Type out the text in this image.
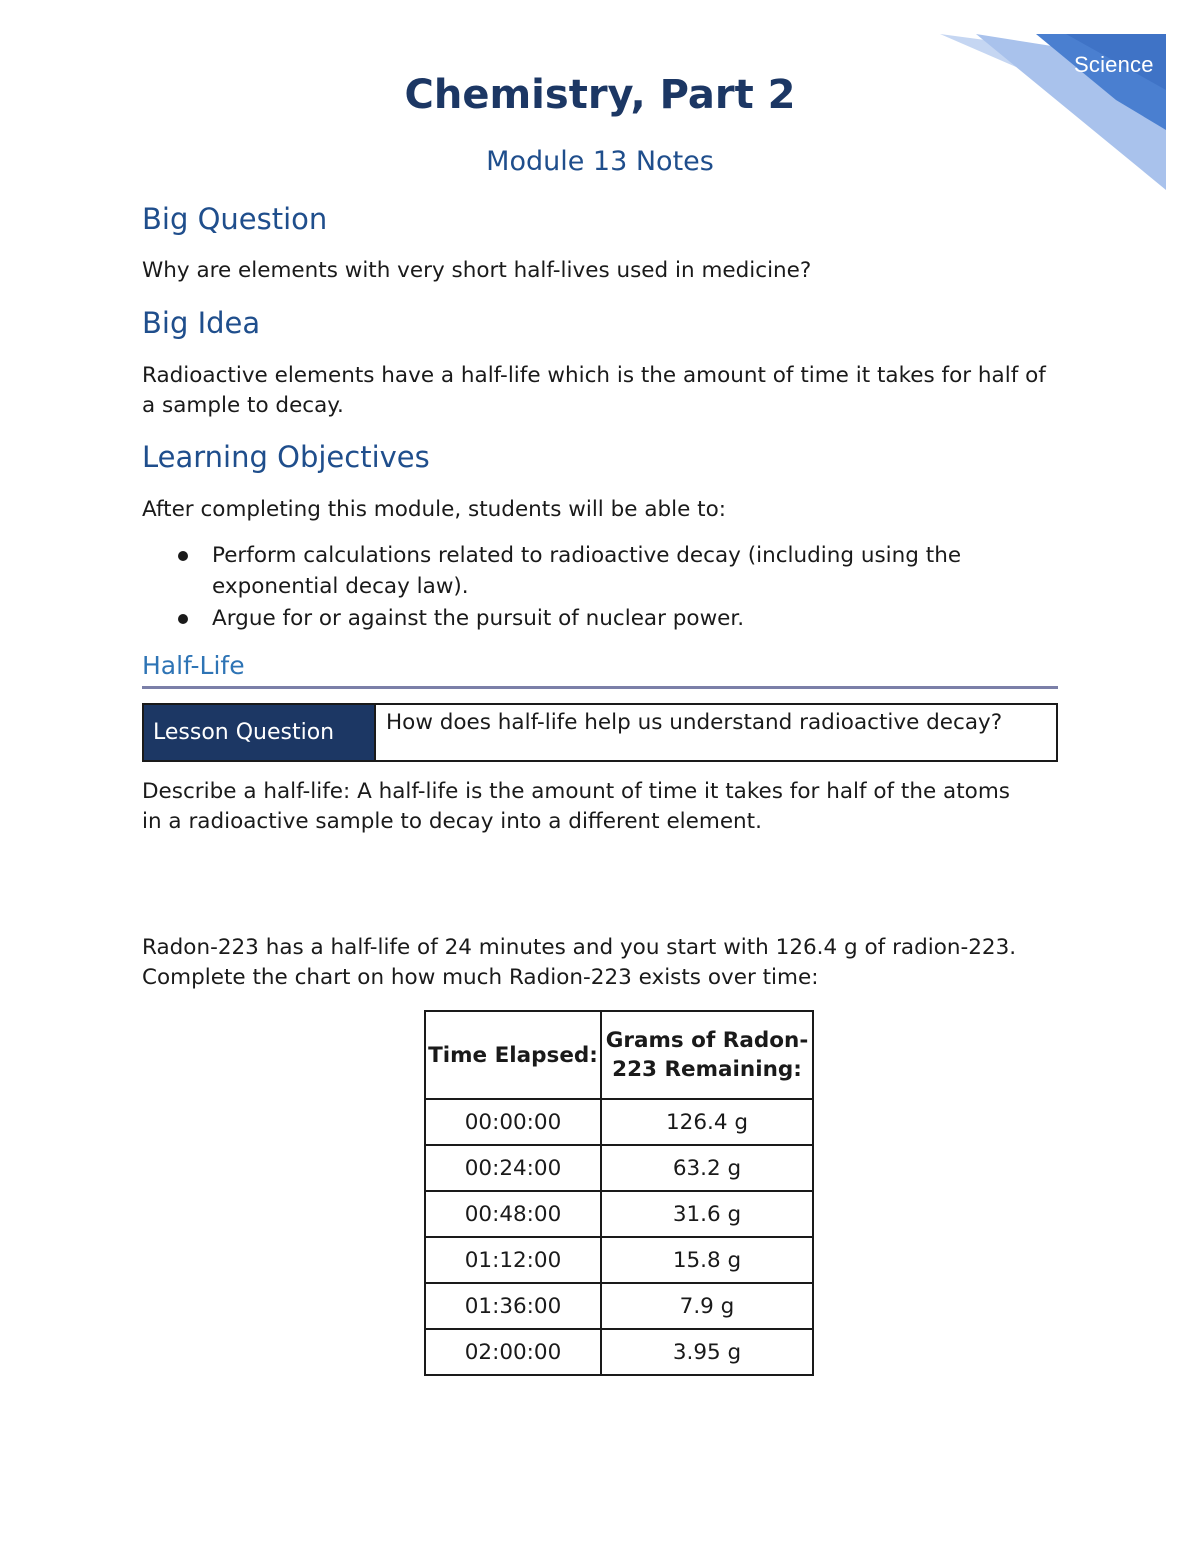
Science
Chemistry, Part 2
Module 13 Notes
Big Question
Why are elements with very short half-lives used in medicine?
Big Idea
Radioactive elements have a half-life which is the amount of time it takes for half of a sample to decay.
Learning Objectives
After completing this module, students will be able to:
Perform calculations related to radioactive decay (including using the exponential decay law).
Argue for or against the pursuit of nuclear power.
Half-Life
Lesson Question	How does half-life help us understand radioactive decay?
Describe a half-life: A half-life is the amount of time it takes for half of the atoms in a radioactive sample to decay into a different element.
Radon-223 has a half-life of 24 minutes and you start with 126.4 g of radion-223. Complete the chart on how much Radion-223 exists over time:
Time Elapsed:	Grams of Radon-223 Remaining:
00:00:00	126.4 g
00:24:00	63.2 g
00:48:00	31.6 g
01:12:00	15.8 g
01:36:00	7.9 g
02:00:00	3.95 g
